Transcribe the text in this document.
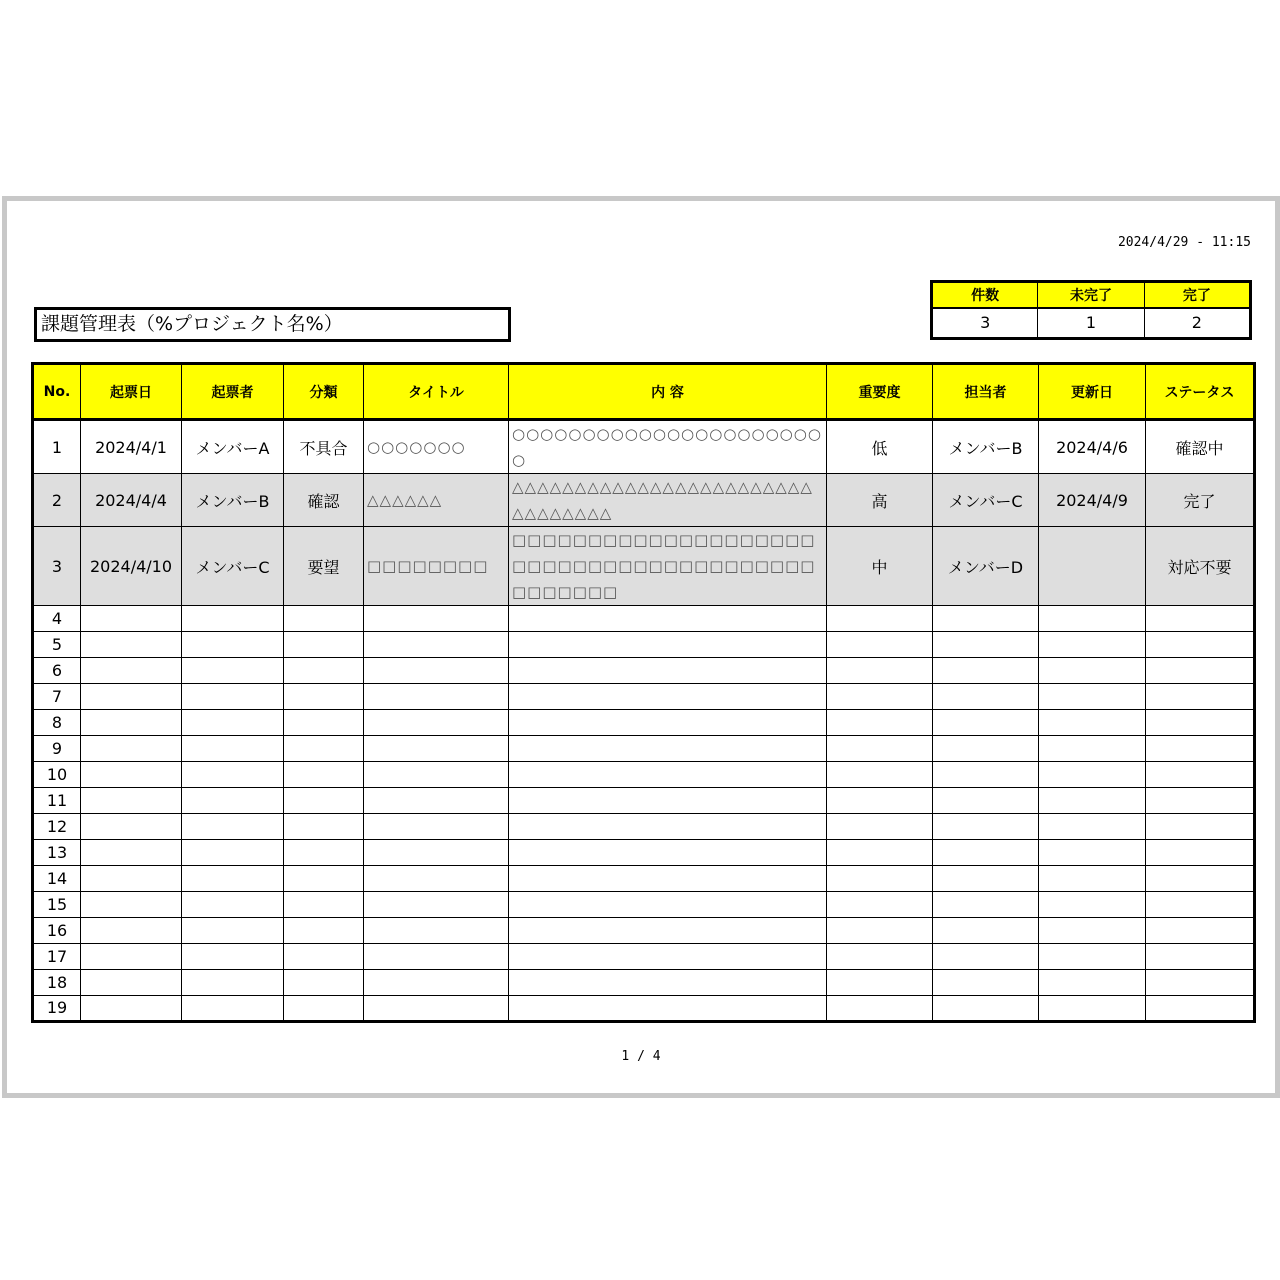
2024/4/29 - 11:15
課題管理表（%プロジェクト名%）
件数	未完了	完了
3	1	2
No.	起票日	起票者	分類	タイトル	内 容	重要度	担当者	更新日	ステータス
1	2024/4/1	メンバーA	不具合	○○○○○○○	○○○○○○○○○○○○○○○○○○○○○○○	低	メンバーB	2024/4/6	確認中
2	2024/4/4	メンバーB	確認	△△△△△△	△△△△△△△△△△△△△△△△△△△△△△△△△△△△△△△△	高	メンバーC	2024/4/9	完了
3	2024/4/10	メンバーC	要望	□□□□□□□□	□□□□□□□□□□□□□□□□□□□□□□□□□□□□□□□□□□□□□□□□□□□□□□□	中	メンバーD		対応不要
4									
5									
6									
7									
8									
9									
10									
11									
12									
13									
14									
15									
16									
17									
18									
19									
1 / 4
